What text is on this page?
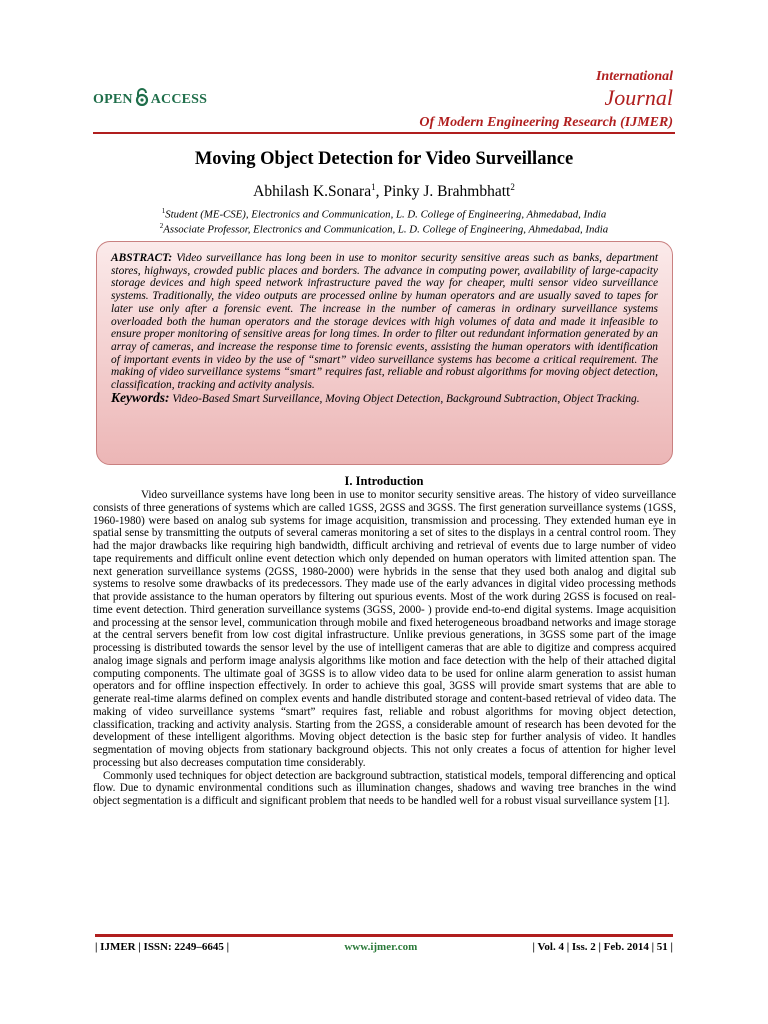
OPEN ACCESS
International
Journal
Of Modern Engineering Research (IJMER)
Moving Object Detection for Video Surveillance
Abhilash K.Sonara$^1$, Pinky J. Brahmbhatt$^2$
$^1$Student (ME-CSE), Electronics and Communication, L. D. College of Engineering, Ahmedabad, India
$^2$Associate Professor, Electronics and Communication, L. D. College of Engineering, Ahmedabad, India

ABSTRACT: Video surveillance has long been in use to monitor security sensitive areas such as banks, department stores, highways, crowded public places and borders. The advance in computing power, availability of large-capacity storage devices and high speed network infrastructure paved the way for cheaper, multi sensor video surveillance systems. Traditionally, the video outputs are processed online by human operators and are usually saved to tapes for later use only after a forensic event. The increase in the number of cameras in ordinary surveillance systems overloaded both the human operators and the storage devices with high volumes of data and made it infeasible to ensure proper monitoring of sensitive areas for long times. In order to filter out redundant information generated by an array of cameras, and increase the response time to forensic events, assisting the human operators with identification of important events in video by the use of “smart” video surveillance systems has become a critical requirement. The making of video surveillance systems “smart” requires fast, reliable and robust algorithms for moving object detection, classification, tracking and activity analysis.

Keywords: Video-Based Smart Surveillance, Moving Object Detection, Background Subtraction, Object Tracking.

I. Introduction

Video surveillance systems have long been in use to monitor security sensitive areas. The history of video surveillance consists of three generations of systems which are called 1GSS, 2GSS and 3GSS. The first generation surveillance systems (1GSS, 1960-1980) were based on analog sub systems for image acquisition, transmission and processing. They extended human eye in spatial sense by transmitting the outputs of several cameras monitoring a set of sites to the displays in a central control room. They had the major drawbacks like requiring high bandwidth, difficult archiving and retrieval of events due to large number of video tape requirements and difficult online event detection which only depended on human operators with limited attention span. The next generation surveillance systems (2GSS, 1980-2000) were hybrids in the sense that they used both analog and digital sub systems to resolve some drawbacks of its predecessors. They made use of the early advances in digital video processing methods that provide assistance to the human operators by filtering out spurious events. Most of the work during 2GSS is focused on real-time event detection. Third generation surveillance systems (3GSS, 2000- ) provide end-to-end digital systems. Image acquisition and processing at the sensor level, communication through mobile and fixed heterogeneous broadband networks and image storage at the central servers benefit from low cost digital infrastructure. Unlike previous generations, in 3GSS some part of the image processing is distributed towards the sensor level by the use of intelligent cameras that are able to digitize and compress acquired analog image signals and perform image analysis algorithms like motion and face detection with the help of their attached digital computing components. The ultimate goal of 3GSS is to allow video data to be used for online alarm generation to assist human operators and for offline inspection effectively. In order to achieve this goal, 3GSS will provide smart systems that are able to generate real-time alarms defined on complex events and handle distributed storage and content-based retrieval of video data. The making of video surveillance systems “smart” requires fast, reliable and robust algorithms for moving object detection, classification, tracking and activity analysis. Starting from the 2GSS, a considerable amount of research has been devoted for the development of these intelligent algorithms. Moving object detection is the basic step for further analysis of video. It handles segmentation of moving objects from stationary background objects. This not only creates a focus of attention for higher level processing but also decreases computation time considerably.

Commonly used techniques for object detection are background subtraction, statistical models, temporal differencing and optical flow. Due to dynamic environmental conditions such as illumination changes, shadows and waving tree branches in the wind object segmentation is a difficult and significant problem that needs to be handled well for a robust visual surveillance system [1].

| IJMER | ISSN: 2249–6645 |	www.ijmer.com	| Vol. 4 | Iss. 2 | Feb. 2014 | 51 |
